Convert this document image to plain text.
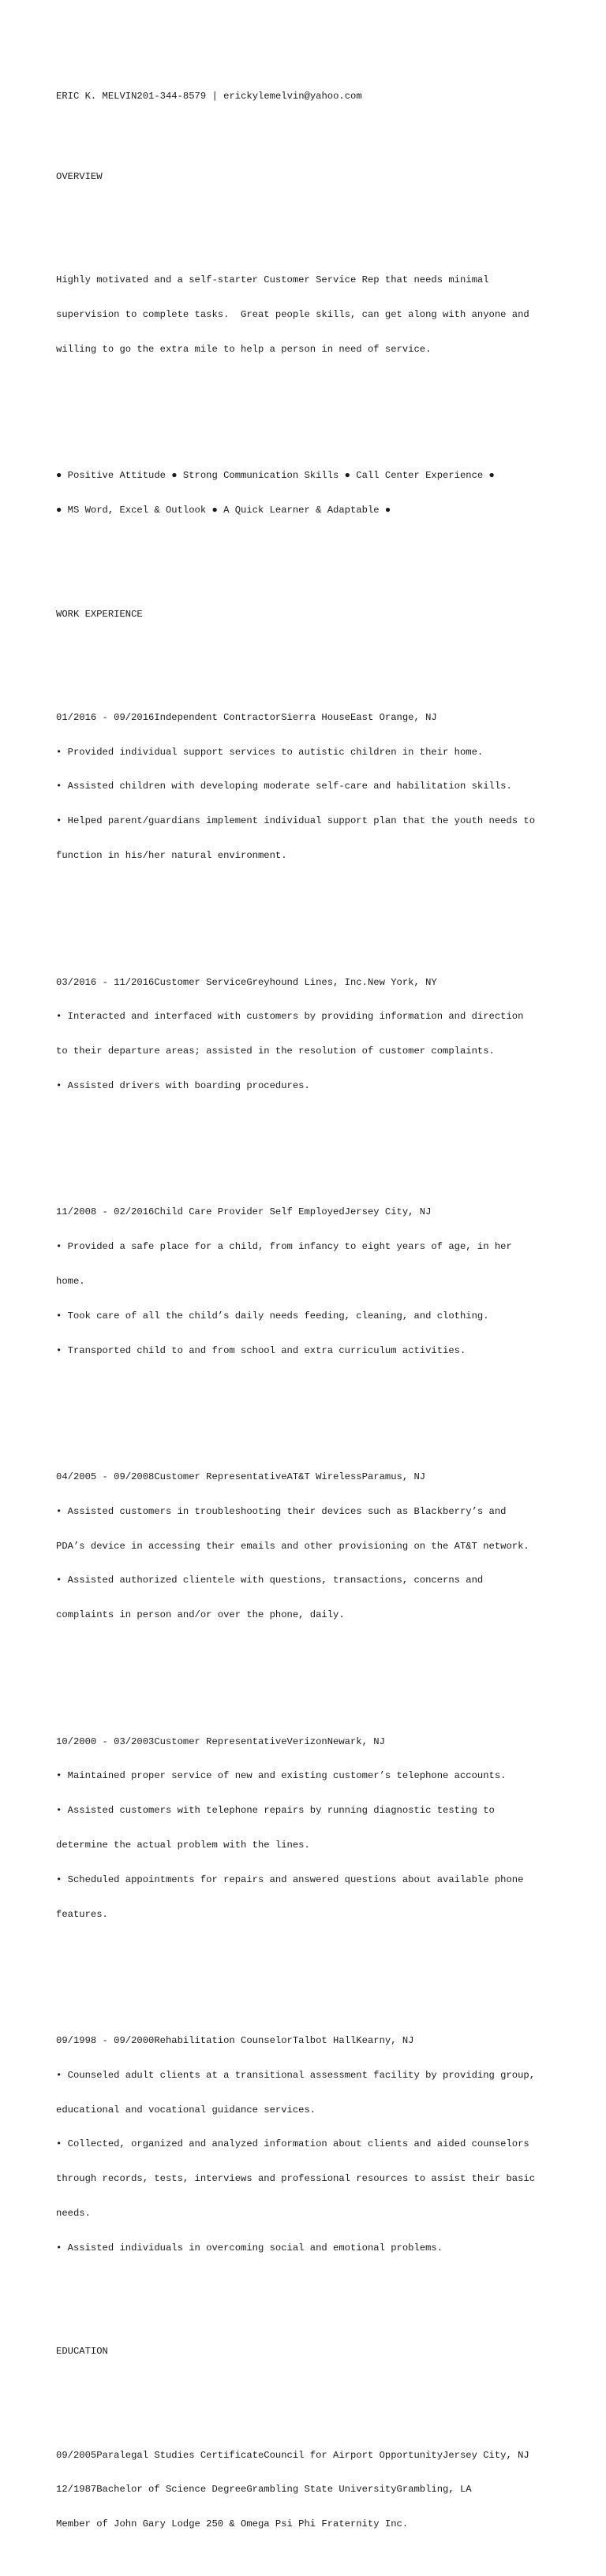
ERIC K. MELVIN201-344-8579 | erickylemelvin@yahoo.com

OVERVIEW

Highly motivated and a self-starter Customer Service Rep that needs minimal

supervision to complete tasks.  Great people skills, can get along with anyone and

willing to go the extra mile to help a person in need of service.

● Positive Attitude ● Strong Communication Skills ● Call Center Experience ●

● MS Word, Excel & Outlook ● A Quick Learner & Adaptable ●

WORK EXPERIENCE

01/2016 - 09/2016Independent ContractorSierra HouseEast Orange, NJ

• Provided individual support services to autistic children in their home.

• Assisted children with developing moderate self-care and habilitation skills.

• Helped parent/guardians implement individual support plan that the youth needs to

function in his/her natural environment.

03/2016 - 11/2016Customer ServiceGreyhound Lines, Inc.New York, NY

• Interacted and interfaced with customers by providing information and direction

to their departure areas; assisted in the resolution of customer complaints.

• Assisted drivers with boarding procedures.

11/2008 - 02/2016Child Care Provider Self EmployedJersey City, NJ

• Provided a safe place for a child, from infancy to eight years of age, in her

home.

• Took care of all the child’s daily needs feeding, cleaning, and clothing.

• Transported child to and from school and extra curriculum activities.

04/2005 - 09/2008Customer RepresentativeAT&T WirelessParamus, NJ

• Assisted customers in troubleshooting their devices such as Blackberry’s and

PDA’s device in accessing their emails and other provisioning on the AT&T network.

• Assisted authorized clientele with questions, transactions, concerns and

complaints in person and/or over the phone, daily.

10/2000 - 03/2003Customer RepresentativeVerizonNewark, NJ

• Maintained proper service of new and existing customer’s telephone accounts.

• Assisted customers with telephone repairs by running diagnostic testing to

determine the actual problem with the lines.

• Scheduled appointments for repairs and answered questions about available phone

features.

09/1998 - 09/2000Rehabilitation CounselorTalbot HallKearny, NJ

• Counseled adult clients at a transitional assessment facility by providing group,

educational and vocational guidance services.

• Collected, organized and analyzed information about clients and aided counselors

through records, tests, interviews and professional resources to assist their basic

needs.

• Assisted individuals in overcoming social and emotional problems.

EDUCATION

09/2005Paralegal Studies CertificateCouncil for Airport OpportunityJersey City, NJ

12/1987Bachelor of Science DegreeGrambling State UniversityGrambling, LA

Member of John Gary Lodge 250 & Omega Psi Phi Fraternity Inc.
